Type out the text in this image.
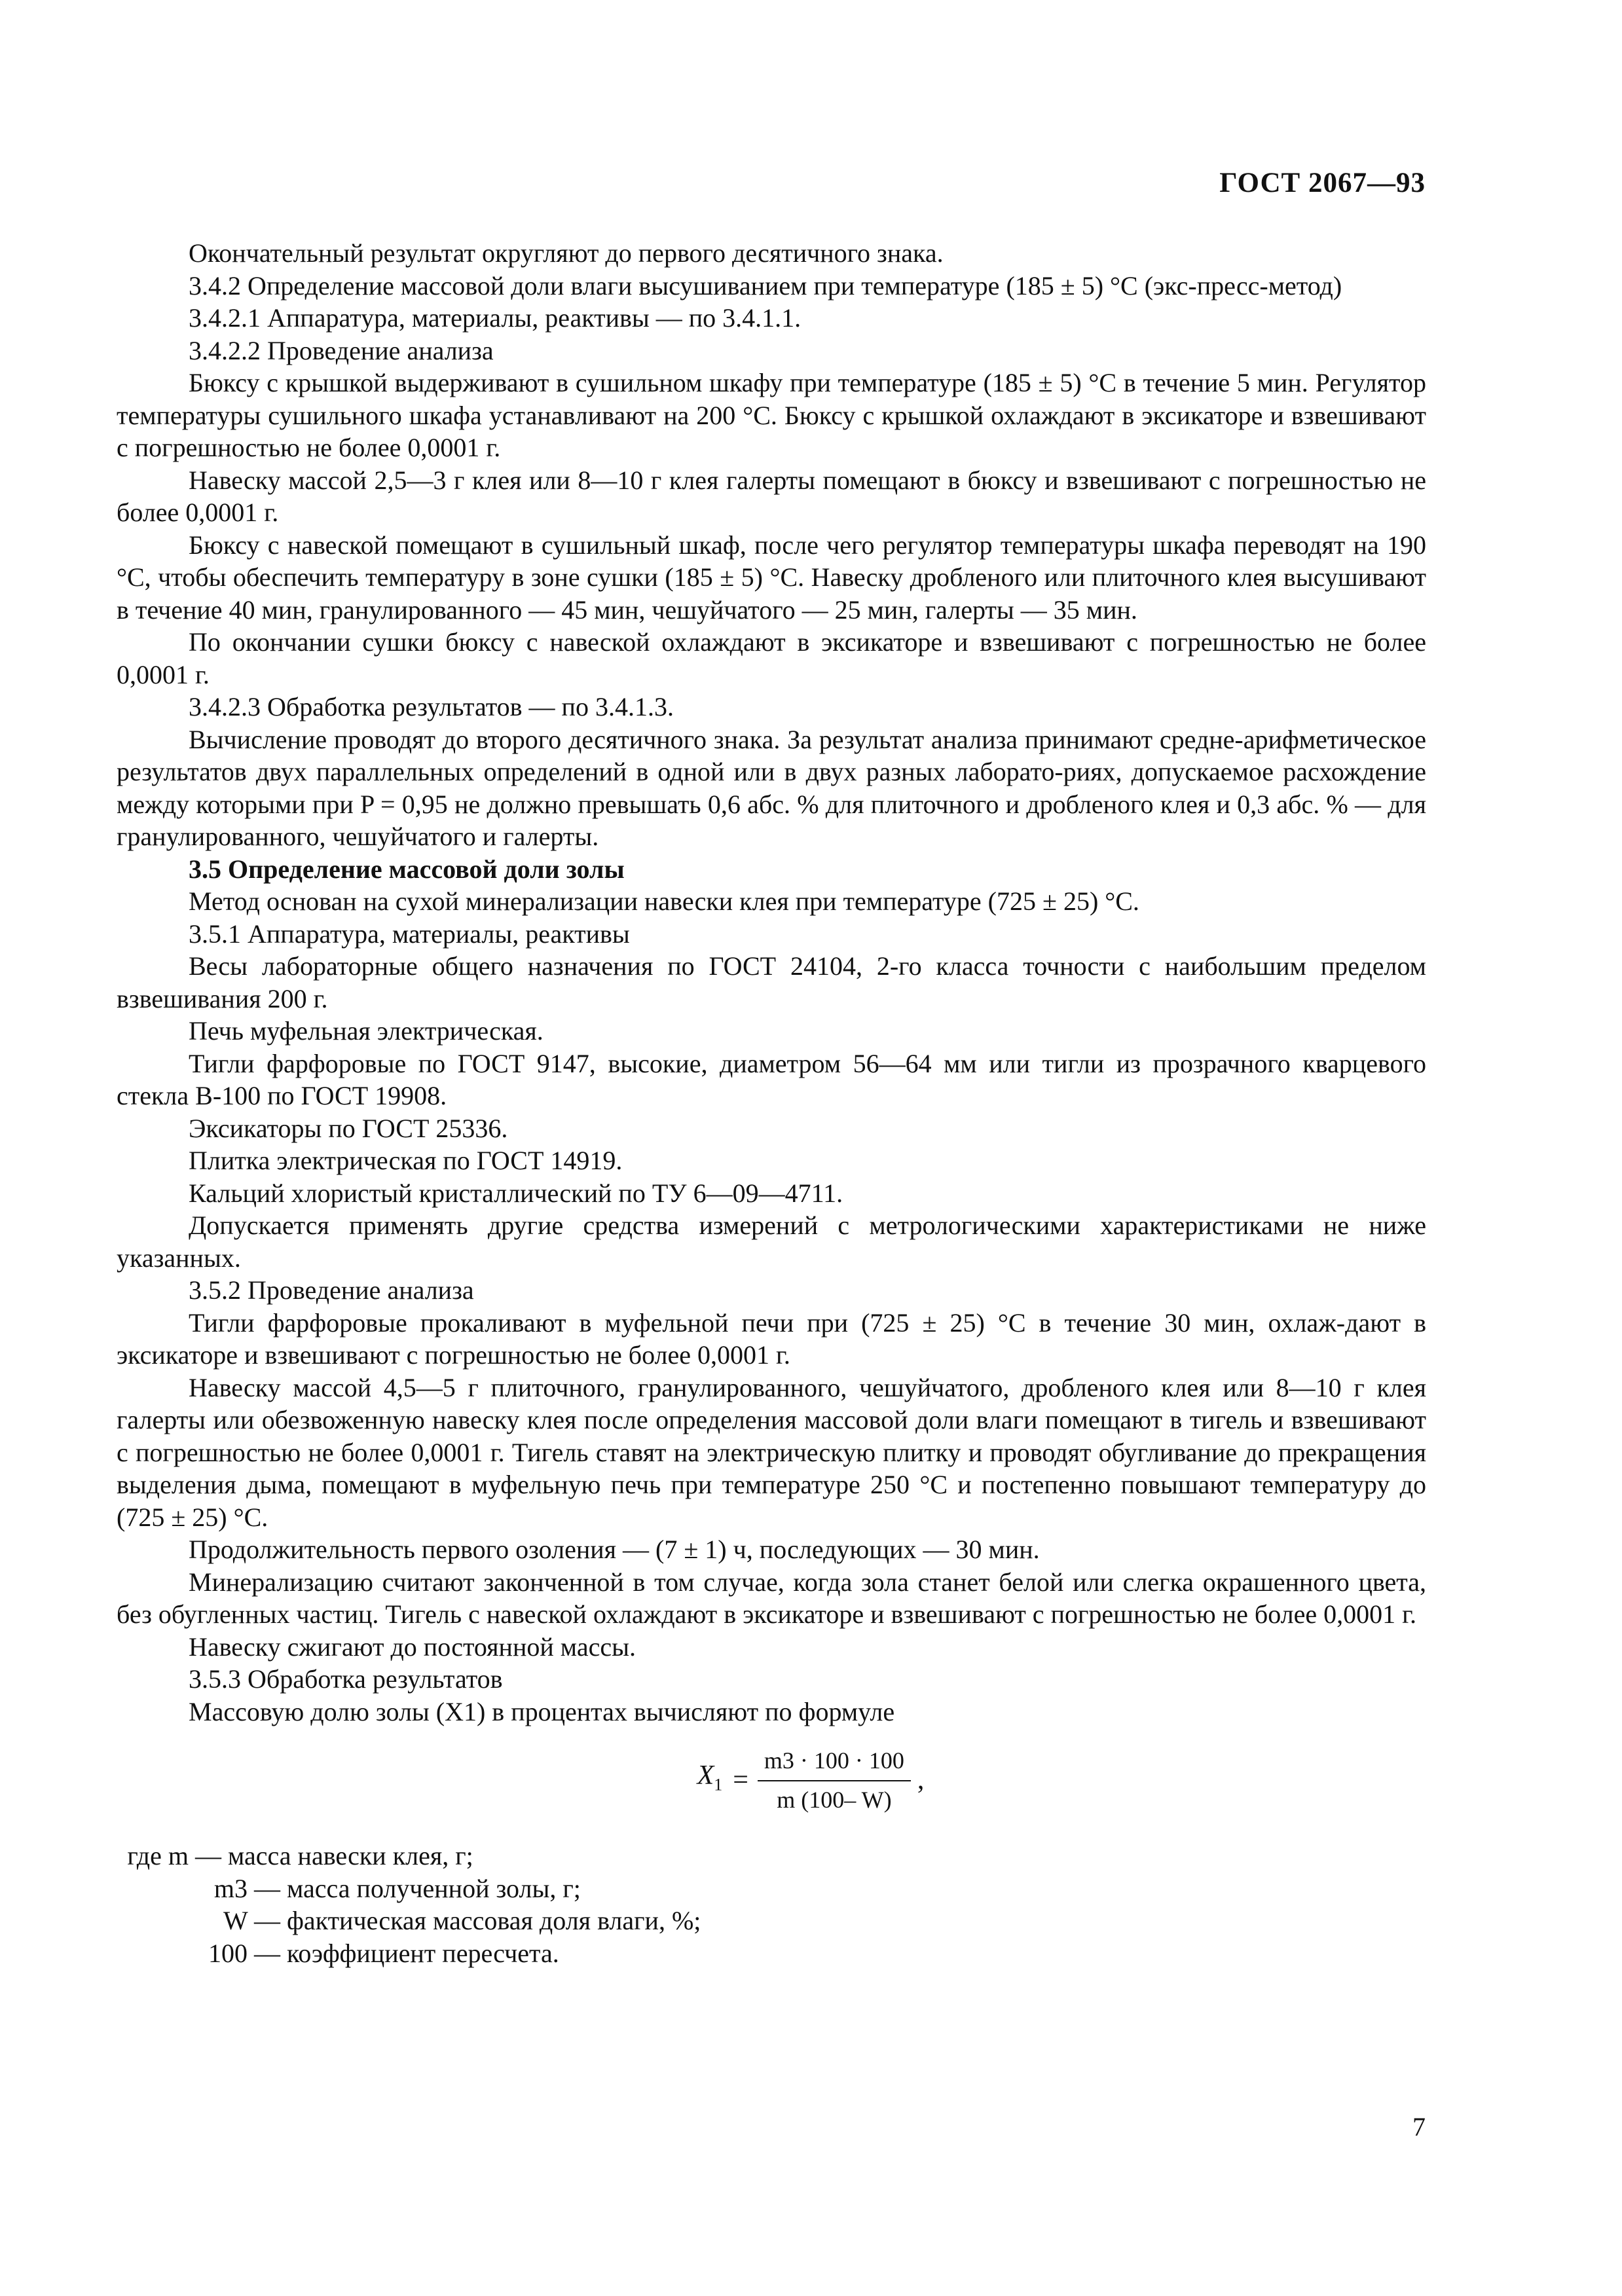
ГОСТ 2067—93

Окончательный результат округляют до первого десятичного знака.

3.4.2 Определение массовой доли влаги высушиванием при температуре (185 ± 5) °С (экс-пресс-метод)

3.4.2.1 Аппаратура, материалы, реактивы — по 3.4.1.1.

3.4.2.2 Проведение анализа

Бюксу с крышкой выдерживают в сушильном шкафу при температуре (185 ± 5) °С в течение 5 мин. Регулятор температуры сушильного шкафа устанавливают на 200 °С. Бюксу с крышкой охлаждают в эксикаторе и взвешивают с погрешностью не более 0,0001 г.

Навеску массой 2,5—3 г клея или 8—10 г клея галерты помещают в бюксу и взвешивают с погрешностью не более 0,0001 г.

Бюксу с навеской помещают в сушильный шкаф, после чего регулятор температуры шкафа переводят на 190 °С, чтобы обеспечить температуру в зоне сушки (185 ± 5) °С. Навеску дробленого или плиточного клея высушивают в течение 40 мин, гранулированного — 45 мин, чешуйчатого — 25 мин, галерты — 35 мин.

По окончании сушки бюксу с навеской охлаждают в эксикаторе и взвешивают с погрешностью не более 0,0001 г.

3.4.2.3 Обработка результатов — по 3.4.1.3.

Вычисление проводят до второго десятичного знака. За результат анализа принимают средне-арифметическое результатов двух параллельных определений в одной или в двух разных лаборато-риях, допускаемое расхождение между которыми при P = 0,95 не должно превышать 0,6 абс. % для плиточного и дробленого клея и 0,3 абс. % — для гранулированного, чешуйчатого и галерты.

3.5 Определение массовой доли золы

Метод основан на сухой минерализации навески клея при температуре (725 ± 25) °С.

3.5.1 Аппаратура, материалы, реактивы

Весы лабораторные общего назначения по ГОСТ 24104, 2-го класса точности с наибольшим пределом взвешивания 200 г.

Печь муфельная электрическая.

Тигли фарфоровые по ГОСТ 9147, высокие, диаметром 56—64 мм или тигли из прозрачного кварцевого стекла В-100 по ГОСТ 19908.

Эксикаторы по ГОСТ 25336.

Плитка электрическая по ГОСТ 14919.

Кальций хлористый кристаллический по ТУ 6—09—4711.

Допускается применять другие средства измерений с метрологическими характеристиками не ниже указанных.

3.5.2 Проведение анализа

Тигли фарфоровые прокаливают в муфельной печи при (725 ± 25) °С в течение 30 мин, охлаж-дают в эксикаторе и взвешивают с погрешностью не более 0,0001 г.

Навеску массой 4,5—5 г плиточного, гранулированного, чешуйчатого, дробленого клея или 8—10 г клея галерты или обезвоженную навеску клея после определения массовой доли влаги помещают в тигель и взвешивают с погрешностью не более 0,0001 г. Тигель ставят на электрическую плитку и проводят обугливание до прекращения выделения дыма, помещают в муфельную печь при температуре 250 °С и постепенно повышают температуру до (725 ± 25) °С.

Продолжительность первого озоления — (7 ± 1) ч, последующих — 30 мин.

Минерализацию считают законченной в том случае, когда зола станет белой или слегка окрашенного цвета, без обугленных частиц. Тигель с навеской охлаждают в эксикаторе и взвешивают с погрешностью не более 0,0001 г.

Навеску сжигают до постоянной массы.

3.5.3 Обработка результатов

Массовую долю золы (X1) в процентах вычисляют по формуле

$X_1 = \frac{m3 \cdot 100 \cdot 100}{m (100- W)}$ ,
где m — масса навески клея, г;
m3 — масса полученной золы, г;
W — фактическая массовая доля влаги, %;
100 — коэффициент пересчета.
7
